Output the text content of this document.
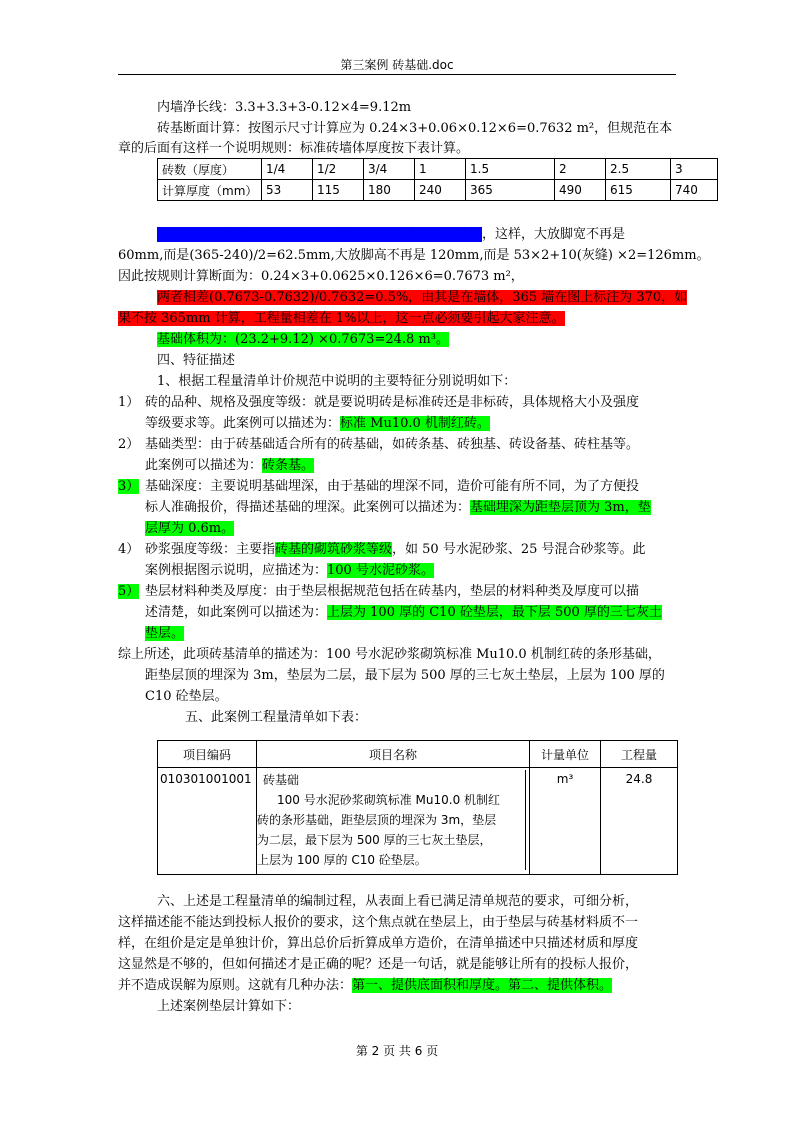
第三案例 砖基础.doc
内墙净长线：3.3+3.3+3-0.12×4=9.12m
砖基断面计算：按图示尺寸计算应为 0.24×3+0.06×0.12×6=0.7632 m²，但规范在本
章的后面有这样一个说明规则：标准砖墙体厚度按下表计算。
砖数（厚度）	1/4	1/2	3/4	1	1.5	2	2.5	3
计算厚度（mm）	53	115	180	240	365	490	615	740
这说明这不能按图上标注尺寸计算，而是要按照规范计算，这样，大放脚宽不再是
60mm,而是(365-240)/2=62.5mm,大放脚高不再是 120mm,而是 53×2+10(灰缝) ×2=126mm。
因此按规则计算断面为：0.24×3+0.0625×0.126×6=0.7673 m²，
两者相差(0.7673-0.7632)/0.7632=0.5%，由其是在墙体，365 墙在图上标注为 370，如
果不按 365mm 计算，工程量相差在 1%以上，这一点必须要引起大家注意。
基础体积为：(23.2+9.12) ×0.7673=24.8 m³。
四、特征描述
1、根据工程量清单计价规范中说明的主要特征分别说明如下：
1） 砖的品种、规格及强度等级：就是要说明砖是标准砖还是非标砖，具体规格大小及强度
等级要求等。此案例可以描述为：标准 Mu10.0 机制红砖。
2） 基础类型：由于砖基础适合所有的砖基础，如砖条基、砖独基、砖设备基、砖柱基等。
此案例可以描述为：砖条基。
3） 基础深度：主要说明基础埋深，由于基础的埋深不同，造价可能有所不同，为了方便投
标人准确报价，得描述基础的埋深。此案例可以描述为：基础埋深为距垫层顶为 3m，垫
层厚为 0.6m。
4） 砂浆强度等级：主要指砖基的砌筑砂浆等级，如 50 号水泥砂浆、25 号混合砂浆等。此
案例根据图示说明，应描述为：100 号水泥砂浆。
5） 垫层材料种类及厚度：由于垫层根据规范包括在砖基内，垫层的材料种类及厚度可以描
述清楚，如此案例可以描述为：上层为 100 厚的 C10 砼垫层，最下层 500 厚的三七灰土
垫层。
综上所述，此项砖基清单的描述为：100 号水泥砂浆砌筑标准 Mu10.0 机制红砖的条形基础，
距垫层顶的埋深为 3m，垫层为二层，最下层为 500 厚的三七灰土垫层，上层为 100 厚的
C10 砼垫层。
五、此案例工程量清单如下表：
项目编码	项目名称	计量单位	工程量
010301001001	砖基础
100 号水泥砂浆砌筑标准 Mu10.0 机制红
砖的条形基础，距垫层顶的埋深为 3m，垫层
为二层，最下层为 500 厚的三七灰土垫层，
上层为 100 厚的 C10 砼垫层。	m³	24.8
六、上述是工程量清单的编制过程，从表面上看已满足清单规范的要求，可细分析，
这样描述能不能达到投标人报价的要求，这个焦点就在垫层上，由于垫层与砖基材料质不一
样，在组价是定是单独计价，算出总价后折算成单方造价，在清单描述中只描述材质和厚度
这显然是不够的，但如何描述才是正确的呢？还是一句话，就是能够让所有的投标人报价，
并不造成误解为原则。这就有几种办法：第一、提供底面积和厚度。第二、提供体积。
上述案例垫层计算如下：
第 2 页 共 6 页
